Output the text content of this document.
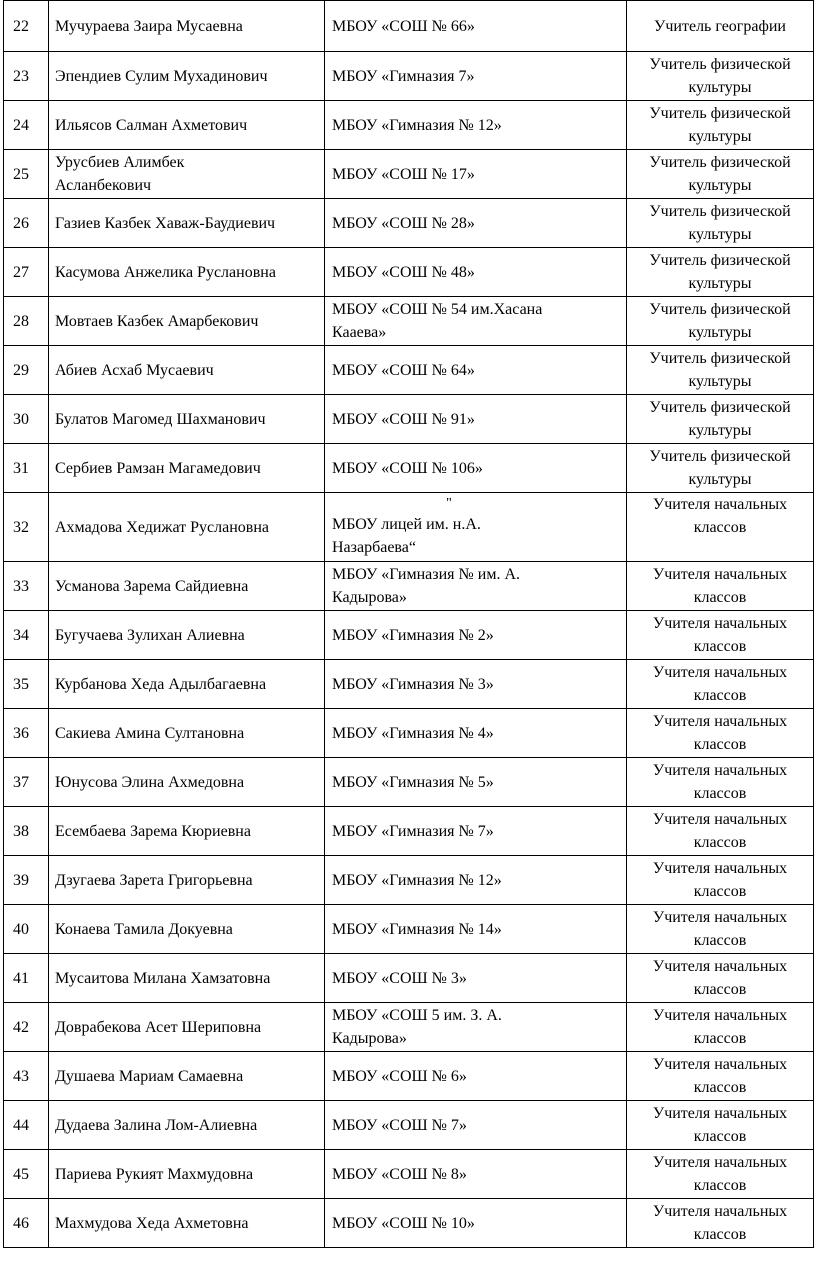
22	Мучураева Заира Мусаевна	МБОУ «СОШ № 66»	Учитель географии
23	Эпендиев Сулим Мухадинович	МБОУ «Гимназия 7»	Учитель физической культуры

24	Ильясов Салман Ахметович	МБОУ «Гимназия № 12»	Учитель физической культуры

25	Урусбиев Алимбек Асланбекович	МБОУ «СОШ № 17»	Учитель физической культуры

26	Газиев Казбек Хаваж-Баудиевич	МБОУ «СОШ № 28»	Учитель физической культуры

27	Касумова Анжелика Руслановна	МБОУ «СОШ № 48»	Учитель физической культуры

28	Мовтаев Казбек Амарбекович	МБОУ «СОШ № 54 им.Хасана Кааева»	Учитель физической культуры

29	Абиев Асхаб Мусаевич	МБОУ «СОШ № 64»	Учитель физической культуры

30	Булатов Магомед Шахманович	МБОУ «СОШ № 91»	Учитель физической культуры

31	Сербиев Рамзан Магамедович	МБОУ «СОШ № 106»	Учитель физической культуры

32	Ахмадова Хедижат Руслановна	"
МБОУ лицей им. н.А. Назарбаева“	Учителя начальных классов

33	Усманова Зарема Сайдиевна	МБОУ «Гимназия № им. А. Кадырова»	Учителя начальных классов

34	Бугучаева Зулихан Алиевна	МБОУ «Гимназия № 2»	Учителя начальных классов

35	Курбанова Хеда Адылбагаевна	МБОУ «Гимназия № 3»	Учителя начальных классов

36	Сакиева Амина Султановна	МБОУ «Гимназия № 4»	Учителя начальных классов

37	Юнусова Элина Ахмедовна	МБОУ «Гимназия № 5»	Учителя начальных классов

38	Есембаева Зарема Кюриевна	МБОУ «Гимназия № 7»	Учителя начальных классов

39	Дзугаева Зарета Григорьевна	МБОУ «Гимназия № 12»	Учителя начальных классов

40	Конаева Тамила Докуевна	МБОУ «Гимназия № 14»	Учителя начальных классов

41	Мусаитова Милана Хамзатовна	МБОУ «СОШ № 3»	Учителя начальных классов

42	Доврабекова Асет Шериповна	МБОУ «СОШ 5 им. З. А. Кадырова»	Учителя начальных классов

43	Душаева Мариам Самаевна	МБОУ «СОШ № 6»	Учителя начальных классов

44	Дудаева Залина Лом-Алиевна	МБОУ «СОШ № 7»	Учителя начальных классов

45	Париева Рукият Махмудовна	МБОУ «СОШ № 8»	Учителя начальных классов

46	Махмудова Хеда Ахметовна	МБОУ «СОШ № 10»	Учителя начальных классов
